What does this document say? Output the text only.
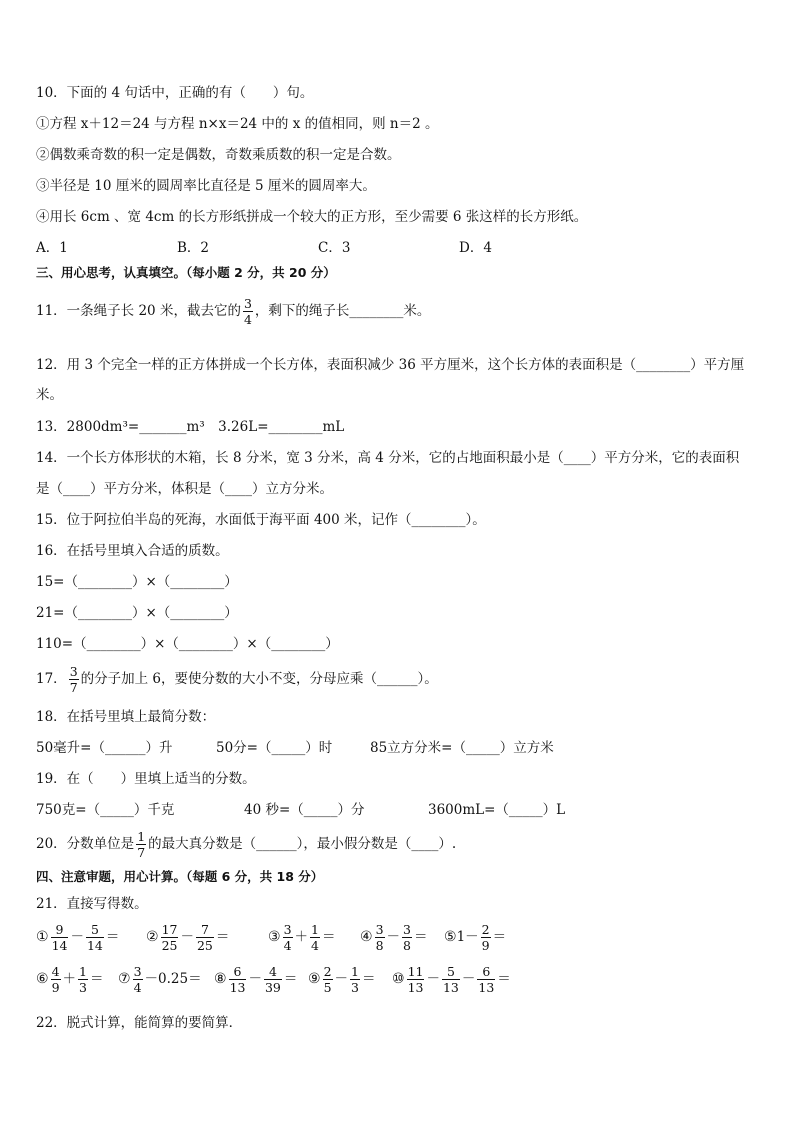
10．下面的 4 句话中，正确的有（　　）句。
①方程 x＋12＝24 与方程 n×x＝24 中的 x 的值相同，则 n＝2 。
②偶数乘奇数的积一定是偶数，奇数乘质数的积一定是合数。
③半径是 10 厘米的圆周率比直径是 5 厘米的圆周率大。
④用长 6cm 、宽 4cm 的长方形纸拼成一个较大的正方形，至少需要 6 张这样的长方形纸。
A．1	B．2	C．3	D．4
三、用心思考，认真填空。（每小题 2 分，共 20 分）
11．一条绳子长 20 米，截去它的 $\frac{3}{4}$ ，剩下的绳子长________米。
12．用 3 个完全一样的正方体拼成一个长方体，表面积减少 36 平方厘米，这个长方体的表面积是（________）平方厘
米。
13．2800dm³=_______m³　3.26L=________mL
14．一个长方体形状的木箱，长 8 分米，宽 3 分米，高 4 分米，它的占地面积最小是（____）平方分米，它的表面积
是（____）平方分米，体积是（____）立方分米。
15．位于阿拉伯半岛的死海，水面低于海平面 400 米，记作（________）。
16．在括号里填入合适的质数。
15=（________）×（________）
21=（________）×（________）
110=（________）×（________）×（________）
17． $\frac{3}{7}$ 的分子加上 6，要使分数的大小不变，分母应乘（______）。
18．在括号里填上最简分数：
50毫升=（______）升	50分=（_____）时	85立方分米=（_____）立方米
19．在（　　）里填上适当的分数。
750克=（_____）千克	40 秒=（_____）分	3600mL=（_____）L
20．分数单位是 $\frac{1}{7}$ 的最大真分数是（______），最小假分数是（____）.
四、注意审题，用心计算。（每题 6 分，共 18 分）
21．直接写得数。
① $\frac{9}{14} - \frac{5}{14}$ ＝ ② $\frac{17}{25} - \frac{7}{25}$ ＝	③ $\frac{3}{4} + \frac{1}{4}$ ＝ ④ $\frac{3}{8} - \frac{3}{8}$ ＝ ⑤1－ $\frac{2}{9}$ ＝
⑥ $\frac{4}{9} + \frac{1}{3}$ ＝ ⑦ $\frac{3}{4} -0.25=$ ⑧ $\frac{6}{13} - \frac{4}{39}$ ＝ ⑨ $\frac{2}{5} - \frac{1}{3}$ ＝ ⑩ $\frac{11}{13} - \frac{5}{13} - \frac{6}{13}$ ＝
22．脱式计算，能简算的要简算．
